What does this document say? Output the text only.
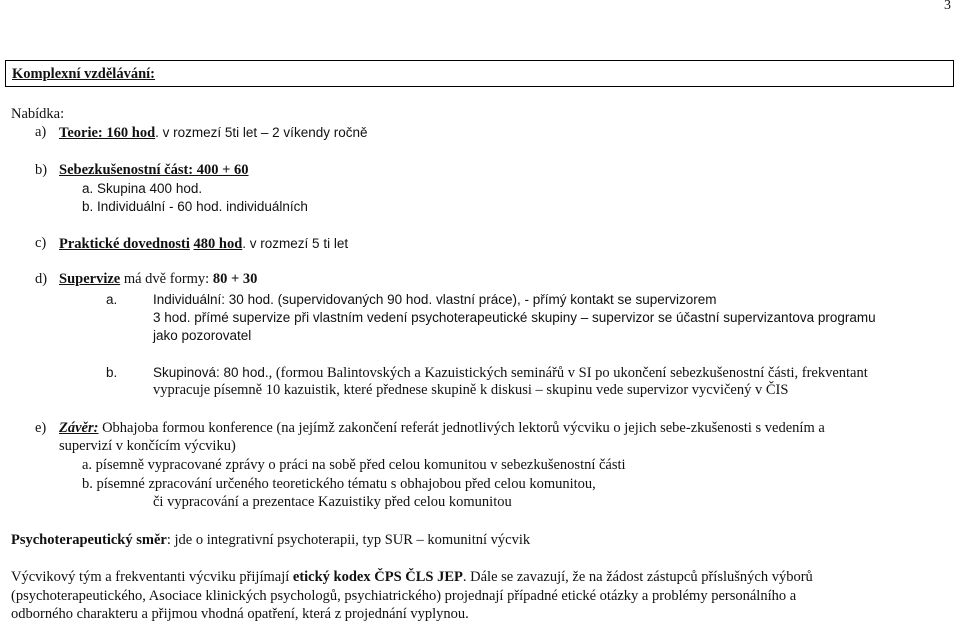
3
Komplexní vzdělávání:
Nabídka:
a) Teorie: 160 hod. v rozmezí 5ti let – 2 víkendy ročně
b) Sebezkušenostní část: 400 + 60
a. Skupina 400 hod.
b. Individuální - 60 hod. individuálních
c) Praktické dovednosti 480 hod. v rozmezí 5 ti let
d) Supervize má dvě formy: 80 + 30
a.	Individuální: 30 hod. (supervidovaných 90 hod. vlastní práce), - přímý kontakt se supervizorem
3 hod. přímé supervize při vlastním vedení psychoterapeutické skupiny – supervizor se účastní supervizantova programu
jako pozorovatel
b.	Skupinová: 80 hod., (formou Balintovských a Kazuistických seminářů v SI po ukončení sebezkušenostní části, frekventant
vypracuje písemně 10 kazuistik, které přednese skupině k diskusi – skupinu vede supervizor vycvičený v ČIS
e) Závěr: Obhajoba formou konference (na jejímž zakončení referát jednotlivých lektorů výcviku o jejich sebe-zkušenosti s vedením a
supervizí v končícím výcviku)
a. písemně vypracované zprávy o práci na sobě před celou komunitou v sebezkušenostní části
b. písemné zpracování určeného teoretického tématu s obhajobou před celou komunitou,
či vypracování a prezentace Kazuistiky před celou komunitou
Psychoterapeutický směr: jde o integrativní psychoterapii, typ SUR – komunitní výcvik
Výcvikový tým a frekventanti výcviku přijímají etický kodex ČPS ČLS JEP. Dále se zavazují, že na žádost zástupců příslušných výborů
(psychoterapeutického, Asociace klinických psychologů, psychiatrického) projednají případné etické otázky a problémy personálního a
odborného charakteru a přijmou vhodná opatření, která z projednání vyplynou.
